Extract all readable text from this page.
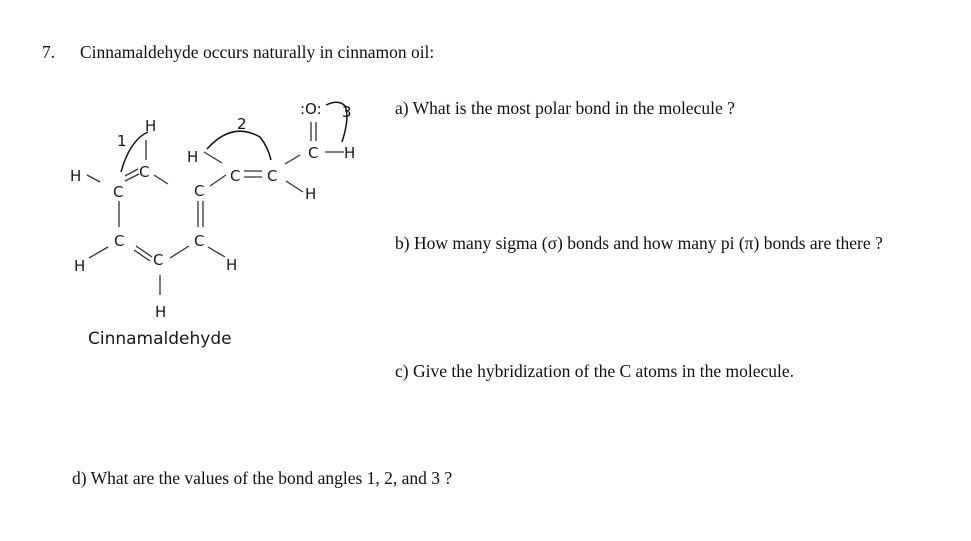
7. Cinnamaldehyde occurs naturally in cinnamon oil:
a) What is the most polar bond in the molecule ?
b) How many sigma (σ) bonds and how many pi (π) bonds are there ?
c) Give the hybridization of the C atoms in the molecule.
d) What are the values of the bond angles 1, 2, and 3 ?
H
C
H
C
H
C
C
H
C
H
C
H
C C
C H
H
:O:
1
2
3
Cinnamaldehyde
